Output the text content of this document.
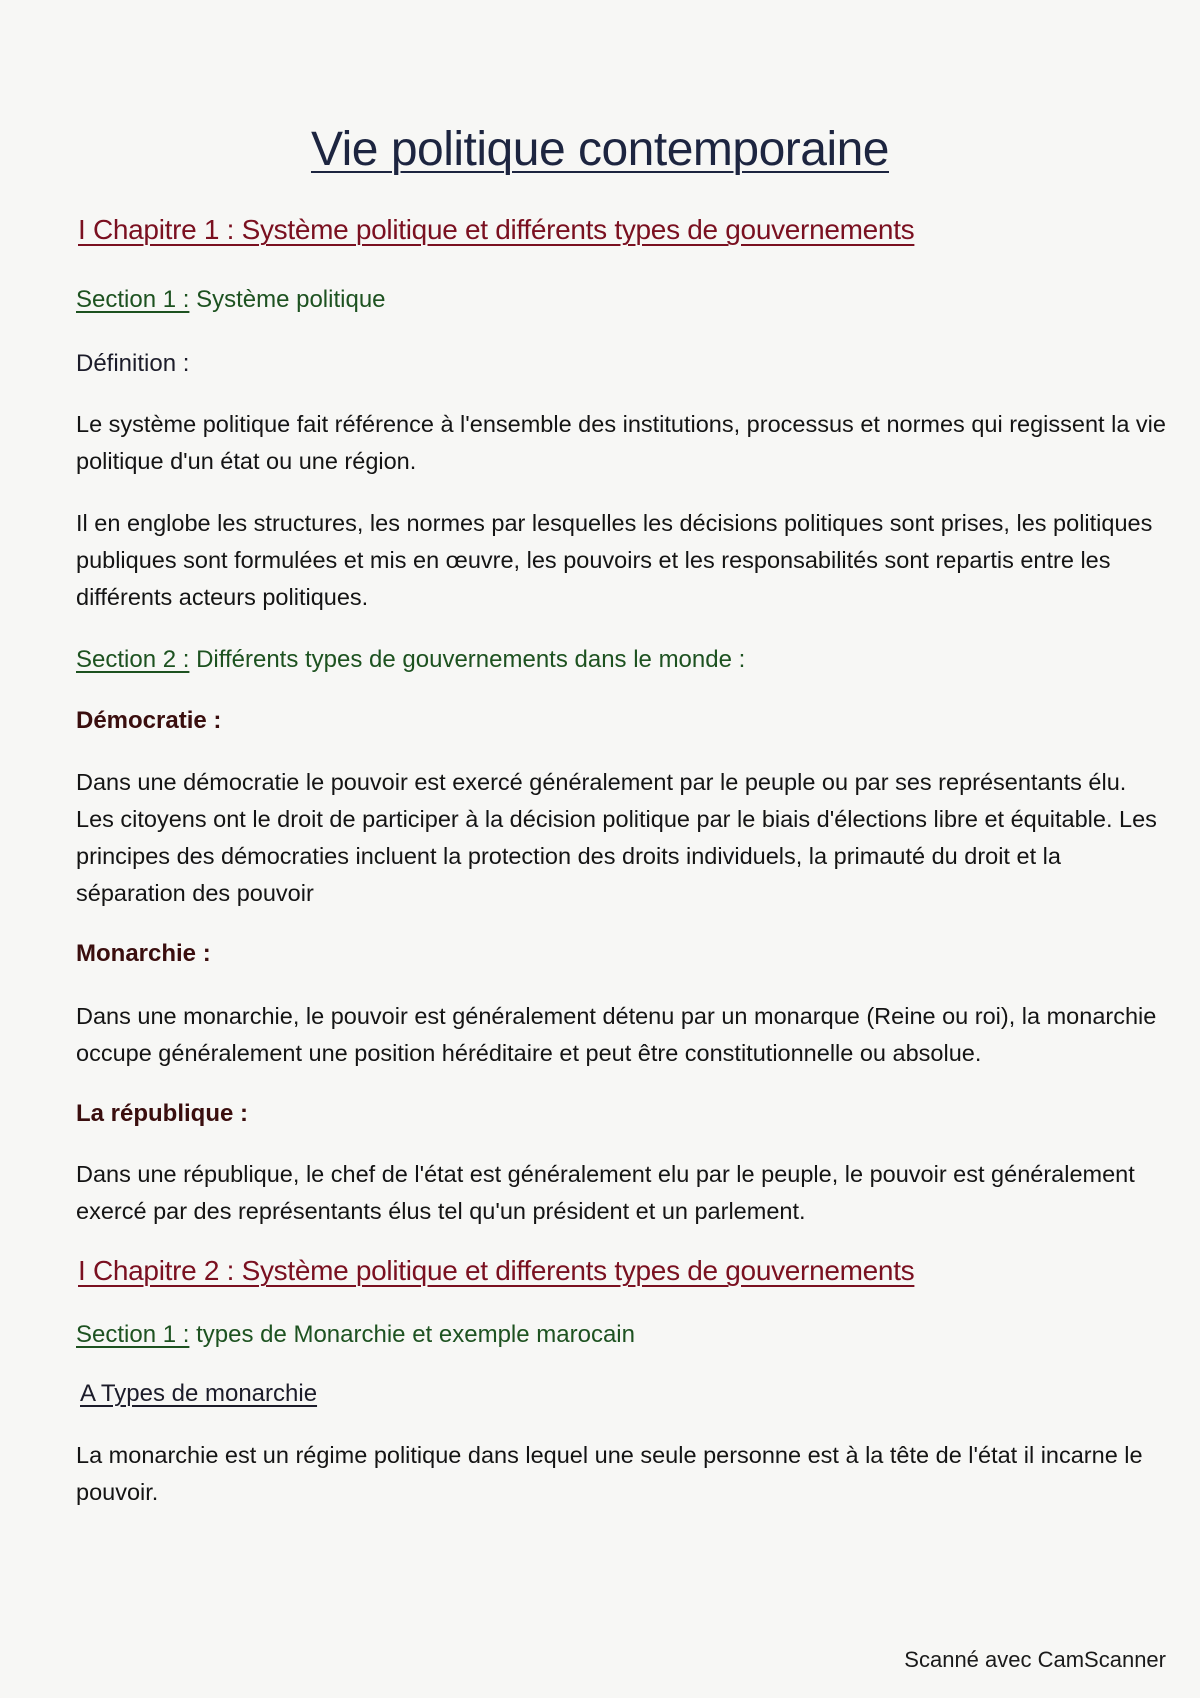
Vie politique contemporaine
I Chapitre 1 : Système politique et différents types de gouvernements
Section 1 : Système politique
Définition :
Le système politique fait référence à l'ensemble des institutions, processus et normes qui regissent la vie politique d'un état ou une région.
Il en englobe les structures, les normes par lesquelles les décisions politiques sont prises, les politiques publiques sont formulées et mis en œuvre, les pouvoirs et les responsabilités sont repartis entre les différents acteurs politiques.
Section 2 : Différents types de gouvernements dans le monde :
Démocratie :
Dans une démocratie le pouvoir est exercé généralement par le peuple ou par ses représentants élu. Les citoyens ont le droit de participer à la décision politique par le biais d'élections libre et équitable. Les principes des démocraties incluent la protection des droits individuels, la primauté du droit et la séparation des pouvoir
Monarchie :
Dans une monarchie, le pouvoir est généralement détenu par un monarque (Reine ou roi), la monarchie occupe généralement une position héréditaire et peut être constitutionnelle ou absolue.
La république :
Dans une république, le chef de l'état est généralement elu par le peuple, le pouvoir est généralement exercé par des représentants élus tel qu'un président et un parlement.
I Chapitre 2 : Système politique et differents types de gouvernements
Section 1 : types de Monarchie et exemple marocain
A Types de monarchie
La monarchie est un régime politique dans lequel une seule personne est à la tête de l'état il incarne le pouvoir.
Scanné avec CamScanner
